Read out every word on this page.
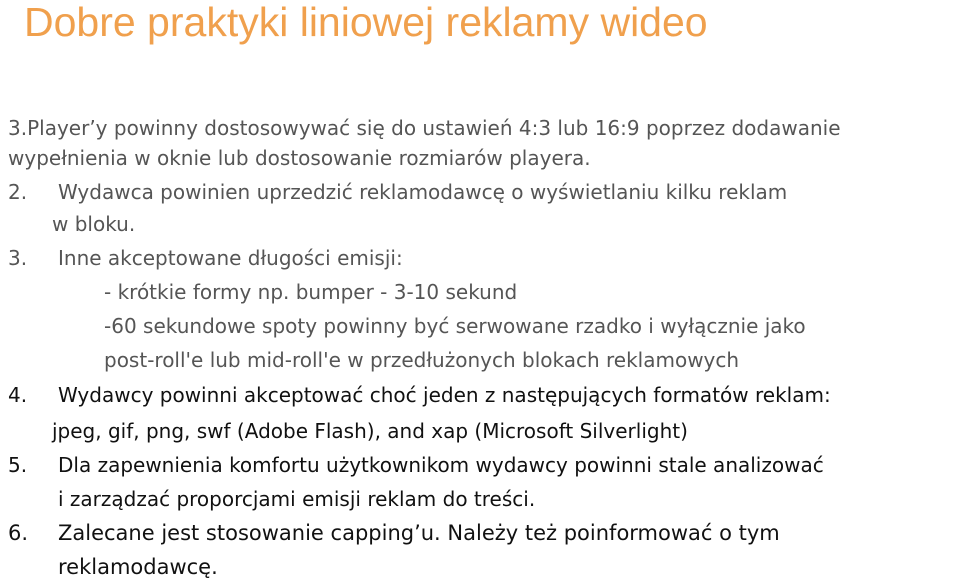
Dobre praktyki liniowej reklamy wideo
3.Player’y powinny dostosowywać się do ustawień 4:3 lub 16:9 poprzez dodawanie
wypełnienia w oknie lub dostosowanie rozmiarów playera.
2. Wydawca powinien uprzedzić reklamodawcę o wyświetlaniu kilku reklam
w bloku.
3. Inne akceptowane długości emisji:
- krótkie formy np. bumper - 3-10 sekund
-60 sekundowe spoty powinny być serwowane rzadko i wyłącznie jako
post-roll'e lub mid-roll'e w przedłużonych blokach reklamowych
4. Wydawcy powinni akceptować choć jeden z następujących formatów reklam:
jpeg, gif, png, swf (Adobe Flash), and xap (Microsoft Silverlight)
5. Dla zapewnienia komfortu użytkownikom wydawcy powinni stale analizować
i zarządzać proporcjami emisji reklam do treści.
6. Zalecane jest stosowanie capping’u. Należy też poinformować o tym
reklamodawcę.
